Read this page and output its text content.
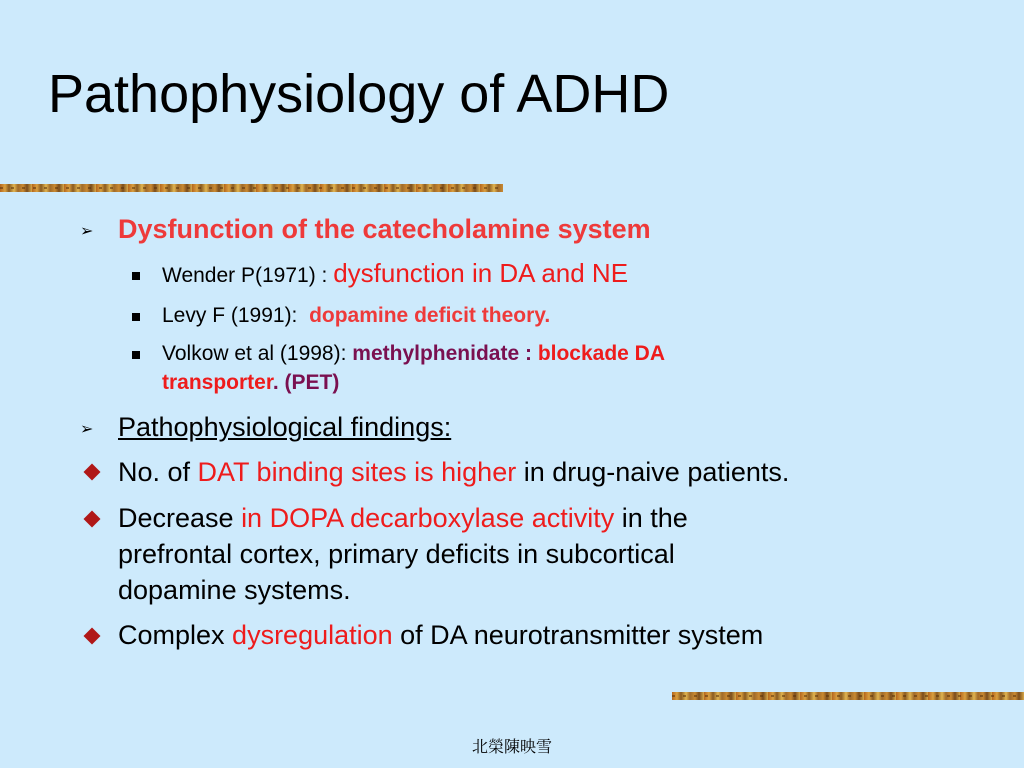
Pathophysiology of ADHD
➢ Dysfunction of the catecholamine system
Wender P(1971) : dysfunction in DA and NE
Levy F (1991):  dopamine deficit theory.
Volkow et al (1998): methylphenidate : blockade DA
transporter. (PET)
➢ Pathophysiological findings:
No. of DAT binding sites is higher in drug-naive patients.
Decrease in DOPA decarboxylase activity in the
prefrontal cortex, primary deficits in subcortical
dopamine systems.
Complex dysregulation of DA neurotransmitter system
北榮陳映雪
